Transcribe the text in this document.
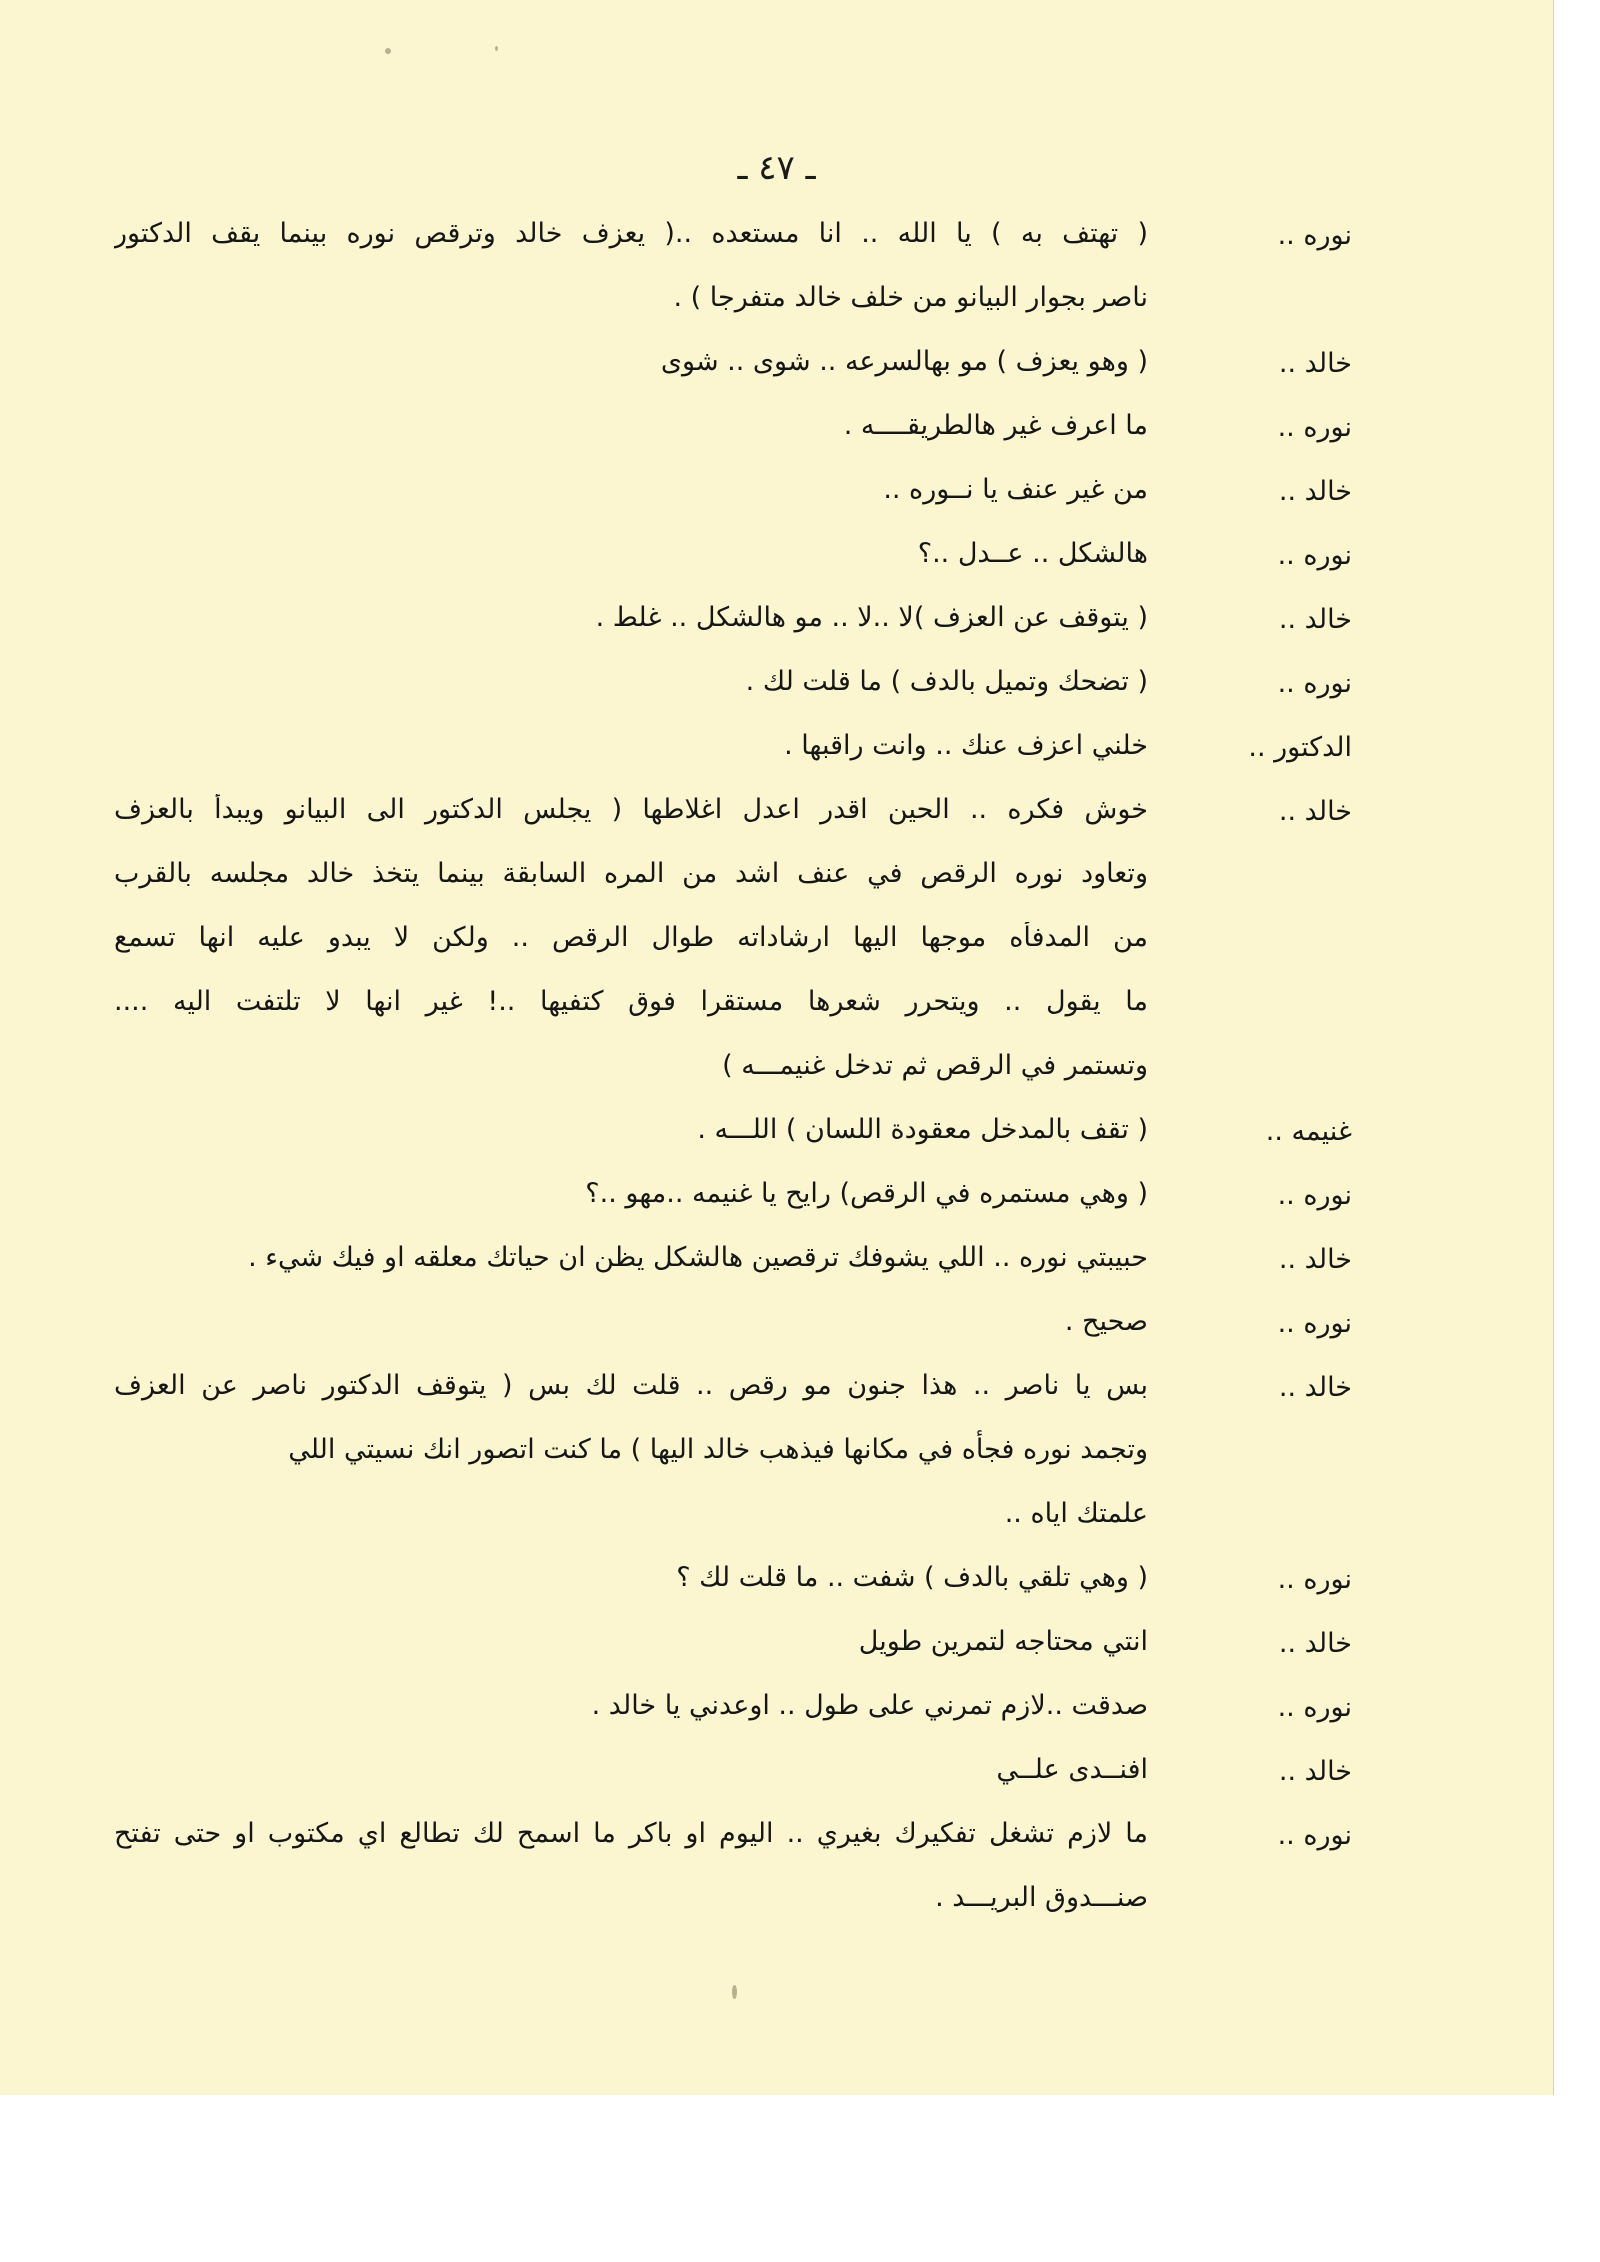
ـ ٤٧ ـ
نوره ..
( تهتف به ) يا الله .. انا مستعده ..( يعزف خالد وترقص نوره بينما يقف الدكتور
ناصر بجوار البيانو من خلف خالد متفرجا ) .
خالد ..
( وهو يعزف ) مو بهالسرعه .. شوى .. شوى
نوره ..
ما اعرف غير هالطريقــــه .
خالد ..
من غير عنف يا نــوره ..
نوره ..
هالشكل .. عــدل ..؟
خالد ..
( يتوقف عن العزف )لا ..لا .. مو هالشكل .. غلط .
نوره ..
( تضحك وتميل بالدف ) ما قلت لك .
الدكتور ..
خلني اعزف عنك .. وانت راقبها .
خالد ..
خوش فكره .. الحين اقدر اعدل اغلاطها ( يجلس الدكتور الى البيانو ويبدأ بالعزف
وتعاود نوره الرقص في عنف اشد من المره السابقة بينما يتخذ خالد مجلسه بالقرب
من المدفأه موجها اليها ارشاداته طوال الرقص .. ولكن لا يبدو عليه انها تسمع
ما يقول .. ويتحرر شعرها مستقرا فوق كتفيها ..! غير انها لا تلتفت اليه ....
وتستمر في الرقص ثم تدخل غنيمـــه )
غنيمه ..
( تقف بالمدخل معقودة اللسان ) اللـــه .
نوره ..
( وهي مستمره في الرقص) رايح يا غنيمه ..مهو ..؟
خالد ..
حبيبتي نوره .. اللي يشوفك ترقصين هالشكل يظن ان حياتك معلقه او فيك شيء .
نوره ..
صحيح .
خالد ..
بس يا ناصر .. هذا جنون مو رقص .. قلت لك بس ( يتوقف الدكتور ناصر عن العزف
وتجمد نوره فجأه في مكانها فيذهب خالد اليها ) ما كنت اتصور انك نسيتي اللي
علمتك اياه ..
نوره ..
( وهي تلقي بالدف ) شفت .. ما قلت لك ؟
خالد ..
انتي محتاجه لتمرين طويل
نوره ..
صدقت ..لازم تمرني على طول .. اوعدني يا خالد .
خالد ..
افنــدى علــي
نوره ..
ما لازم تشغل تفكيرك بغيري .. اليوم او باكر ما اسمح لك تطالع اي مكتوب او حتى تفتح
صنـــدوق البريـــد .
